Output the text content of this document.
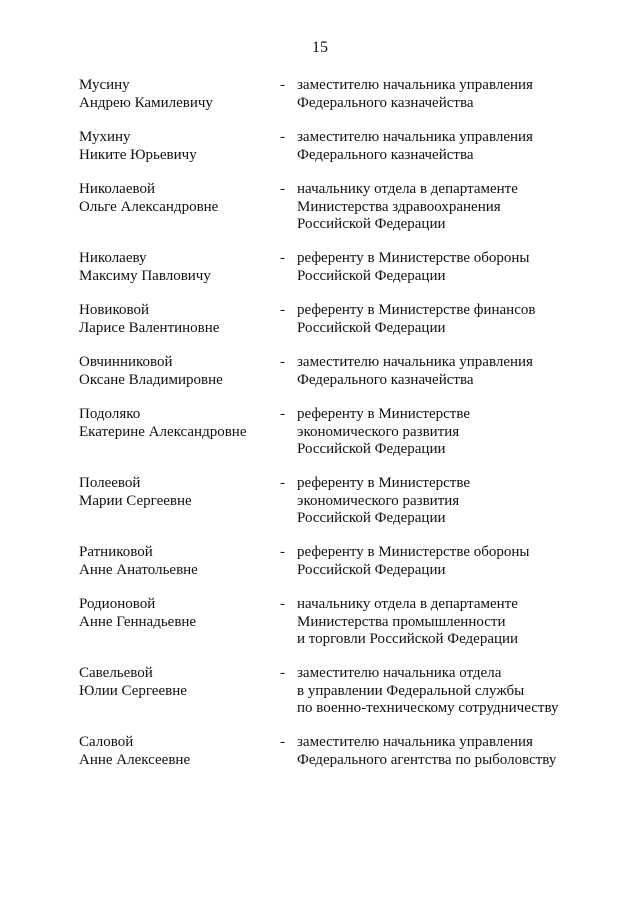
15
Мусину
Андрею Камилевичу
- заместителю начальника управления
Федерального казначейства
Мухину
Никите Юрьевичу
- заместителю начальника управления
Федерального казначейства
Николаевой
Ольге Александровне
- начальнику отдела в департаменте
Министерства здравоохранения
Российской Федерации
Николаеву
Максиму Павловичу
- референту в Министерстве обороны
Российской Федерации
Новиковой
Ларисе Валентиновне
- референту в Министерстве финансов
Российской Федерации
Овчинниковой
Оксане Владимировне
- заместителю начальника управления
Федерального казначейства
Подоляко
Екатерине Александровне
- референту в Министерстве
экономического развития
Российской Федерации
Полеевой
Марии Сергеевне
- референту в Министерстве
экономического развития
Российской Федерации
Ратниковой
Анне Анатольевне
- референту в Министерстве обороны
Российской Федерации
Родионовой
Анне Геннадьевне
- начальнику отдела в департаменте
Министерства промышленности
и торговли Российской Федерации
Савельевой
Юлии Сергеевне
- заместителю начальника отдела
в управлении Федеральной службы
по военно-техническому сотрудничеству
Саловой
Анне Алексеевне
- заместителю начальника управления
Федерального агентства по рыболовству
